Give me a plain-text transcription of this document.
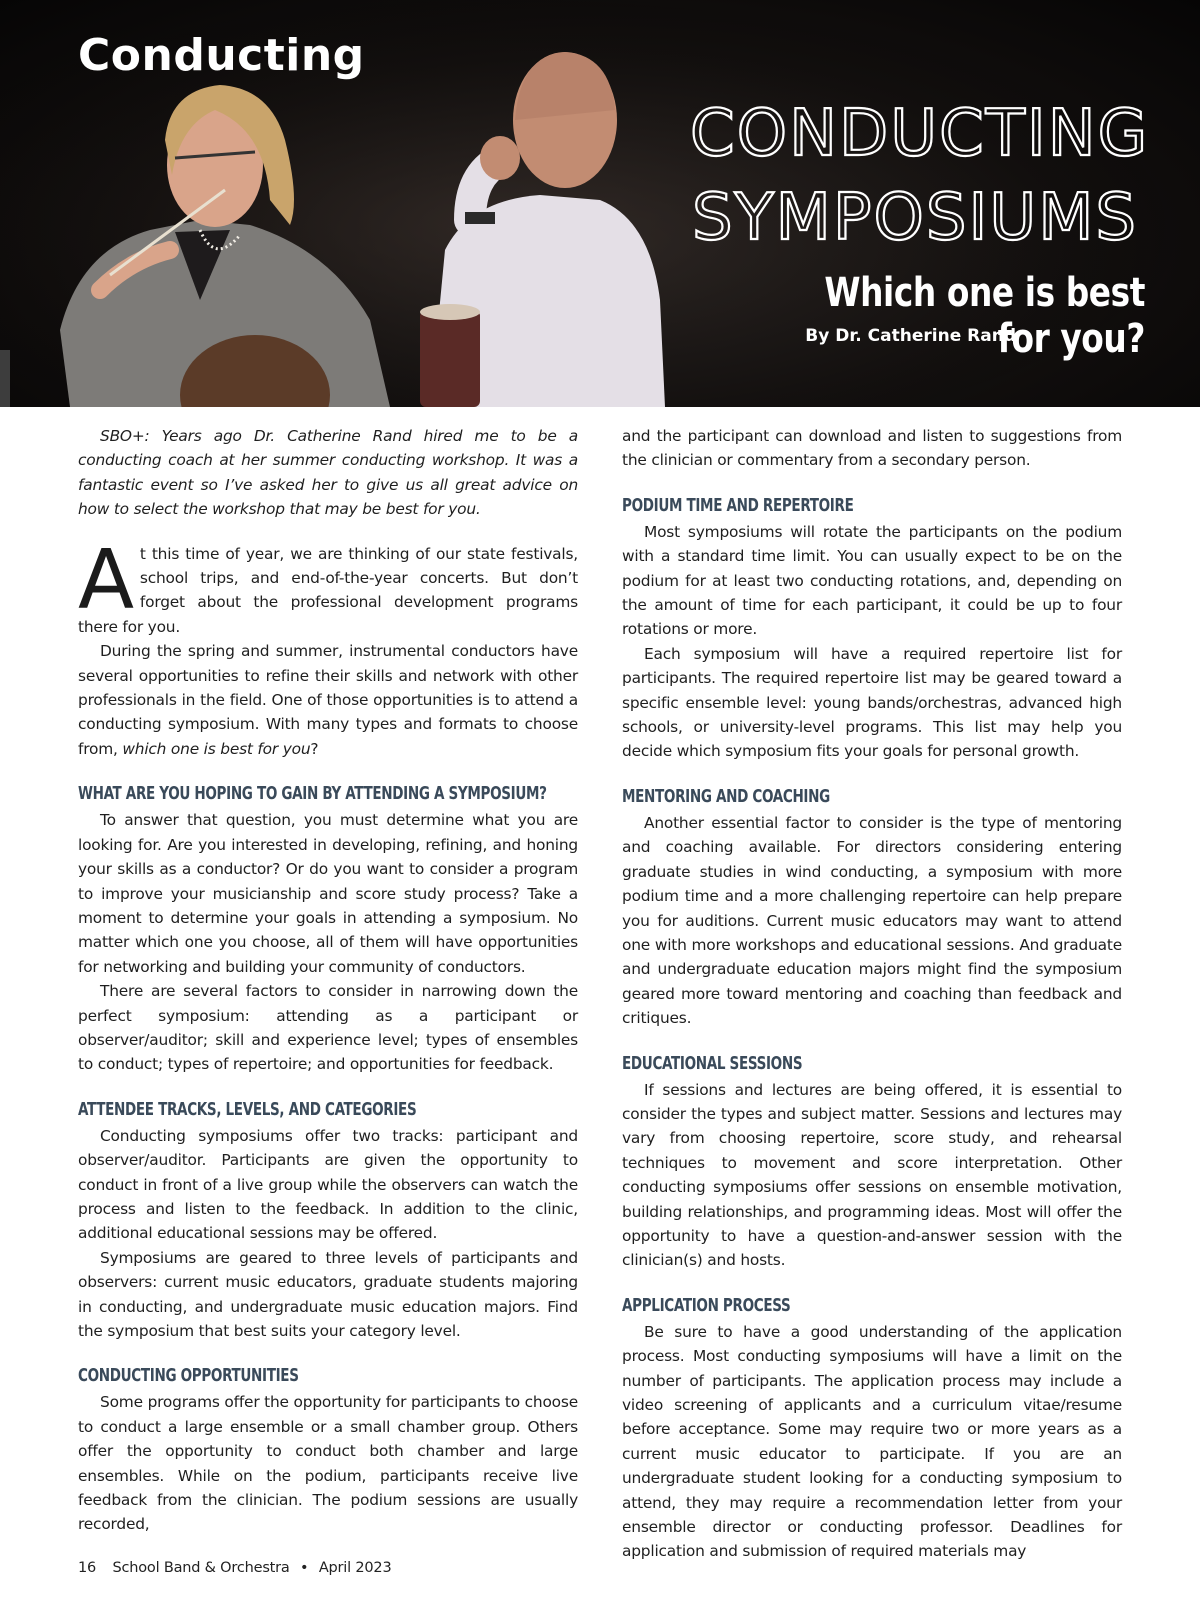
Conducting
CONDUCTING
SYMPOSIUMS
Which one is best for you?
By Dr. Catherine Rand

SBO+: Years ago Dr. Catherine Rand hired me to be a conducting coach at her summer conducting workshop. It was a fantastic event so I’ve asked her to give us all great advice on how to select the workshop that may be best for you.

At this time of year, we are thinking of our state festivals, school trips, and end-of-the-year concerts. But don’t forget about the professional development programs there for you.

During the spring and summer, instrumental conductors have several opportunities to refine their skills and network with other professionals in the field. One of those opportunities is to attend a conducting symposium. With many types and formats to choose from, which one is best for you?

WHAT ARE YOU HOPING TO GAIN BY ATTENDING A SYMPOSIUM?

To answer that question, you must determine what you are looking for. Are you interested in developing, refining, and honing your skills as a conductor? Or do you want to consider a program to improve your musicianship and score study process? Take a moment to determine your goals in attending a symposium. No matter which one you choose, all of them will have opportunities for networking and building your community of conductors.

There are several factors to consider in narrowing down the perfect symposium: attending as a participant or observer/auditor; skill and experience level; types of ensembles to conduct; types of repertoire; and opportunities for feedback.

ATTENDEE TRACKS, LEVELS, AND CATEGORIES

Conducting symposiums offer two tracks: participant and observer/auditor. Participants are given the opportunity to conduct in front of a live group while the observers can watch the process and listen to the feedback. In addition to the clinic, additional educational sessions may be offered.

Symposiums are geared to three levels of participants and observers: current music educators, graduate students majoring in conducting, and undergraduate music education majors. Find the symposium that best suits your category level.

CONDUCTING OPPORTUNITIES

Some programs offer the opportunity for participants to choose to conduct a large ensemble or a small chamber group. Others offer the opportunity to conduct both chamber and large ensembles. While on the podium, participants receive live feedback from the clinician. The podium sessions are usually recorded,

and the participant can download and listen to suggestions from the clinician or commentary from a secondary person.

PODIUM TIME AND REPERTOIRE

Most symposiums will rotate the participants on the podium with a standard time limit. You can usually expect to be on the podium for at least two conducting rotations, and, depending on the amount of time for each participant, it could be up to four rotations or more.

Each symposium will have a required repertoire list for participants. The required repertoire list may be geared toward a specific ensemble level: young bands/orchestras, advanced high schools, or university-level programs. This list may help you decide which symposium fits your goals for personal growth.

MENTORING AND COACHING

Another essential factor to consider is the type of mentoring and coaching available. For directors considering entering graduate studies in wind conducting, a symposium with more podium time and a more challenging repertoire can help prepare you for auditions. Current music educators may want to attend one with more workshops and educational sessions. And graduate and undergraduate education majors might find the symposium geared more toward mentoring and coaching than feedback and critiques.

EDUCATIONAL SESSIONS

If sessions and lectures are being offered, it is essential to consider the types and subject matter. Sessions and lectures may vary from choosing repertoire, score study, and rehearsal techniques to movement and score interpretation. Other conducting symposiums offer sessions on ensemble motivation, building relationships, and programming ideas. Most will offer the opportunity to have a question-and-answer session with the clinician(s) and hosts.

APPLICATION PROCESS

Be sure to have a good understanding of the application process. Most conducting symposiums will have a limit on the number of participants. The application process may include a video screening of applicants and a curriculum vitae/resume before acceptance. Some may require two or more years as a current music educator to participate. If you are an undergraduate student looking for a conducting symposium to attend, they may require a recommendation letter from your ensemble director or conducting professor. Deadlines for application and submission of required materials may

16 School Band & Orchestra • April 2023
